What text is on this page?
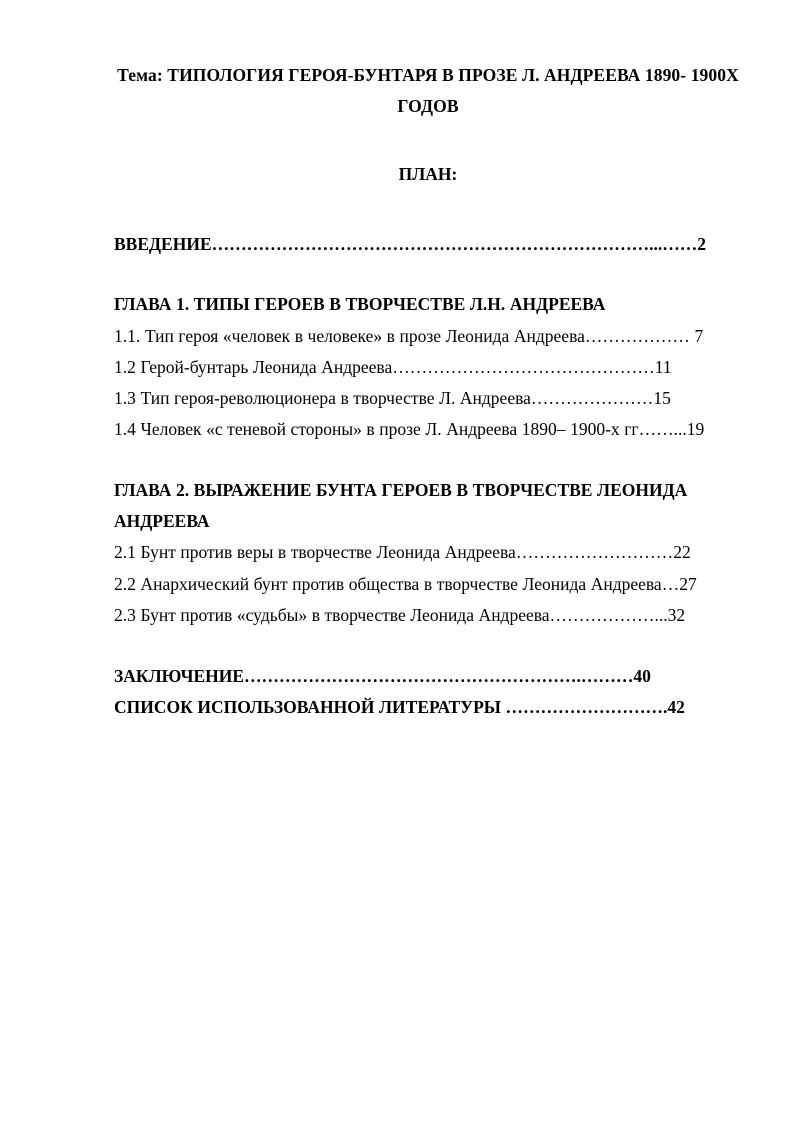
Тема: ТИПОЛОГИЯ ГЕРОЯ-БУНТАРЯ В ПРОЗЕ Л. АНДРЕЕВА 1890- 1900Х ГОДОВ
ПЛАН:
ВВЕДЕНИЕ…………………………………………………………………...……2
ГЛАВА 1. ТИПЫ ГЕРОЕВ В ТВОРЧЕСТВЕ Л.Н. АНДРЕЕВА
1.1. Тип героя «человек в человеке» в прозе Леонида Андреева……………… 7
1.2 Герой-бунтарь Леонида Андреева………………………………………11
1.3 Тип героя-революционера в творчестве Л. Андреева…………………15
1.4 Человек «с теневой стороны» в прозе Л. Андреева 1890– 1900-х гг……...19
ГЛАВА 2. ВЫРАЖЕНИЕ БУНТА ГЕРОЕВ В ТВОРЧЕСТВЕ ЛЕОНИДА АНДРЕЕВА
2.1 Бунт против веры в творчестве Леонида Андреева………………………22
2.2 Анархический бунт против общества в творчестве Леонида Андреева…27
2.3 Бунт против «судьбы» в творчестве Леонида Андреева………………...32
ЗАКЛЮЧЕНИЕ………………………………………………….………40
СПИСОК ИСПОЛЬЗОВАННОЙ ЛИТЕРАТУРЫ ……………………….42
